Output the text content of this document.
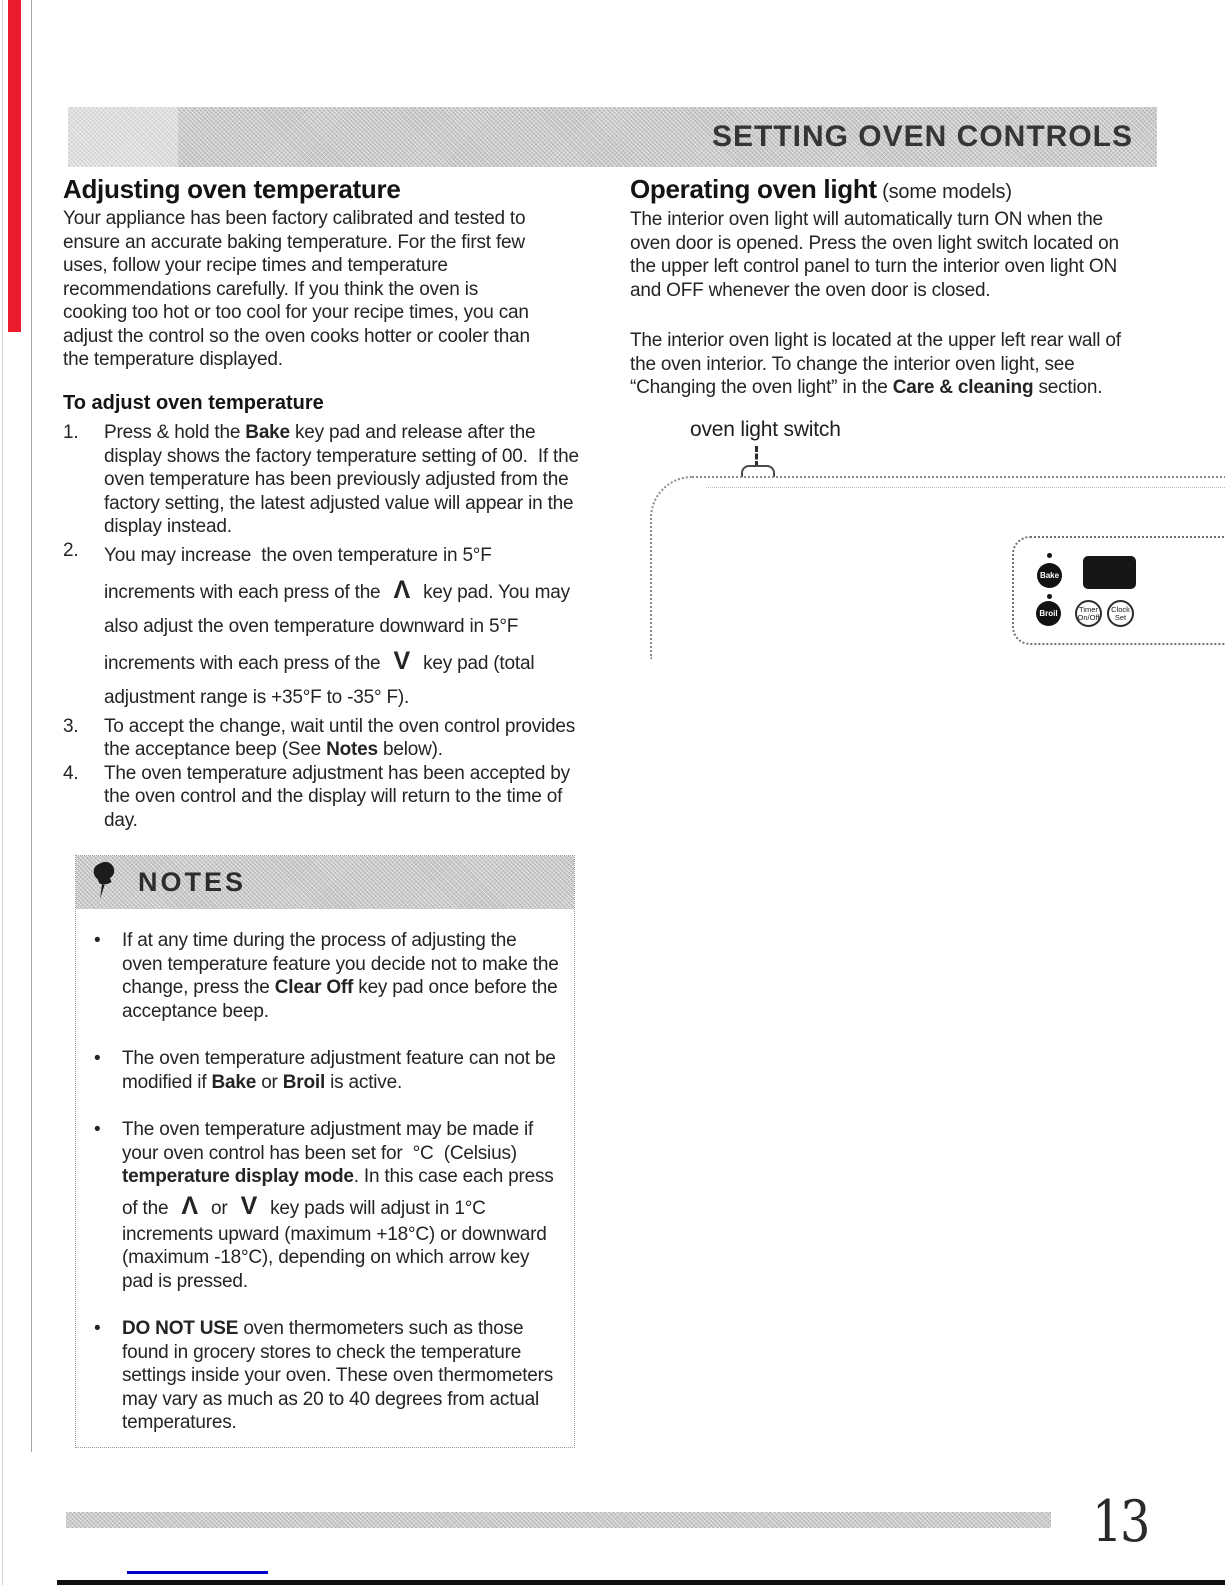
SETTING OVEN CONTROLS
Adjusting oven temperature
Your appliance has been factory calibrated and tested to ensure an accurate baking temperature. For the first few uses, follow your recipe times and temperature recommendations carefully. If you think the oven is cooking too hot or too cool for your recipe times, you can adjust the control so the oven cooks hotter or cooler than the temperature displayed.
To adjust oven temperature
1.	Press & hold the Bake key pad and release after the display shows the factory temperature setting of 00.  If the oven temperature has been previously adjusted from the factory setting, the latest adjusted value will appear in the display instead.
2.	You may increase  the oven temperature in 5°F increments with each press of the Λ key pad. You may also adjust the oven temperature downward in 5°F increments with each press of the V key pad (total adjustment range is +35°F to -35° F).
3.	To accept the change, wait until the oven control provides the acceptance beep (See Notes below).
4.	The oven temperature adjustment has been accepted by the oven control and the display will return to the time of day.
NOTES
•	If at any time during the process of adjusting the oven temperature feature you decide not to make the change, press the Clear Off key pad once before the acceptance beep.
•	The oven temperature adjustment feature can not be modified if Bake or Broil is active.
•	The oven temperature adjustment may be made if your oven control has been set for  °C  (Celsius) temperature display mode. In this case each press of the Λ or V key pads will adjust in 1°C increments upward (maximum +18°C) or downward (maximum -18°C), depending on which arrow key pad is pressed.
•	DO NOT USE oven thermometers such as those found in grocery stores to check the temperature settings inside your oven. These oven thermometers may vary as much as 20 to 40 degrees from actual temperatures.
Operating oven light (some models)
The interior oven light will automatically turn ON when the oven door is opened. Press the oven light switch located on the upper left control panel to turn the interior oven light ON and OFF whenever the oven door is closed.
The interior oven light is located at the upper left rear wall of the oven interior. To change the interior oven light, see “Changing the oven light” in the Care & cleaning section.
oven light switch
Bake
Broil	Timer
On/Off
Clock
Set
13
